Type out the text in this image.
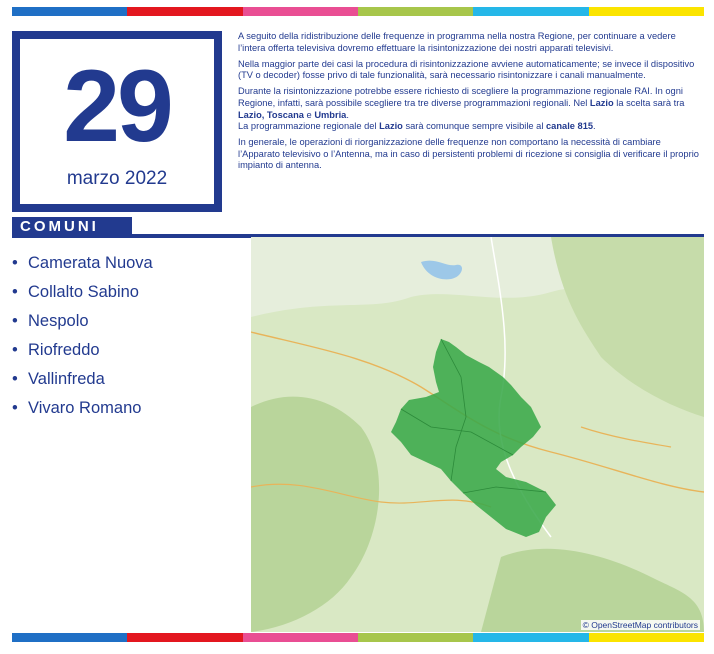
29
marzo 2022

A seguito della ridistribuzione delle frequenze in programma nella nostra Regione, per continuare a vedere l’intera offerta televisiva dovremo effettuare la risintonizzazione dei nostri apparati televisivi.

Nella maggior parte dei casi la procedura di risintonizzazione avviene automaticamente; se invece il dispositivo (TV o decoder) fosse privo di tale funzionalità, sarà necessario risintonizzare i canali manualmente.

Durante la risintonizzazione potrebbe essere richiesto di scegliere la programmazione regionale RAI. In ogni Regione, infatti, sarà possibile scegliere tra tre diverse programmazioni regionali. Nel Lazio la scelta sarà tra Lazio, Toscana e Umbria.
La programmazione regionale del Lazio sarà comunque sempre visibile al canale 815.

In generale, le operazioni di riorganizzazione delle frequenze non comportano la necessità di cambiare l’Apparato televisivo o l’Antenna, ma in caso di persistenti problemi di ricezione si consiglia di verificare il proprio impianto di antenna.

COMUNI
• Camerata Nuova
• Collalto Sabino
• Nespolo
• Riofreddo
• Vallinfreda
• Vivaro Romano
© OpenStreetMap contributors
